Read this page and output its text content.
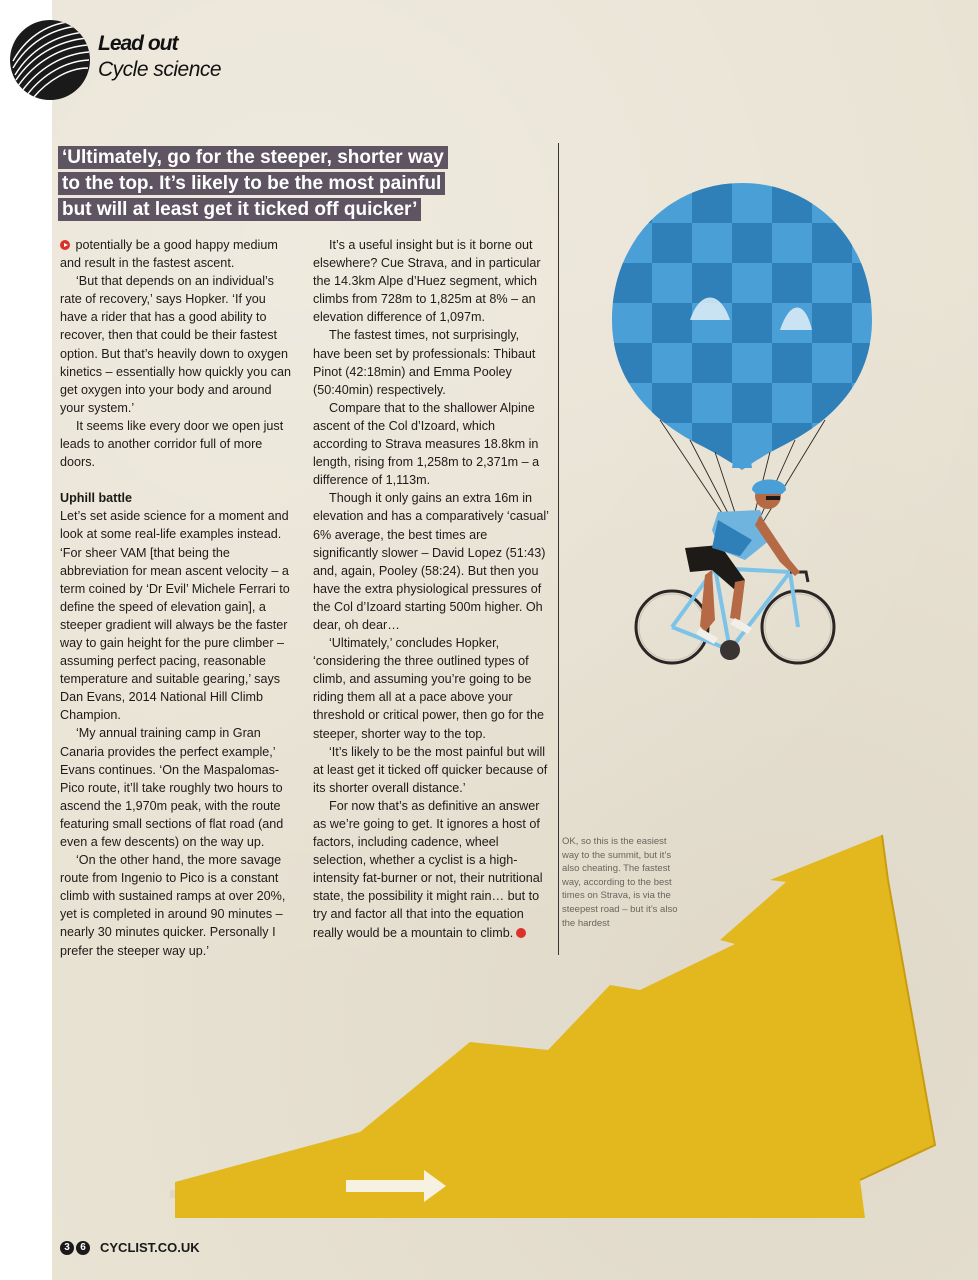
Lead out
Cycle science
‘Ultimately, go for the steeper, shorter way
to the top. It’s likely to be the most painful
but will at least get it ticked off quicker’

potentially be a good happy medium and result in the fastest ascent.

‘But that depends on an individual’s rate of recovery,’ says Hopker. ‘If you have a rider that has a good ability to recover, then that could be their fastest option. But that’s heavily down to oxygen kinetics – essentially how quickly you can get oxygen into your body and around your system.’

It seems like every door we open just leads to another corridor full of more doors.

Uphill battle

Let’s set aside science for a moment and look at some real-life examples instead. ‘For sheer VAM [that being the abbreviation for mean ascent velocity – a term coined by ‘Dr Evil’ Michele Ferrari to define the speed of elevation gain], a steeper gradient will always be the faster way to gain height for the pure climber – assuming perfect pacing, reasonable temperature and suitable gearing,’ says Dan Evans, 2014 National Hill Climb Champion.

‘My annual training camp in Gran Canaria provides the perfect example,’ Evans continues. ‘On the Maspalomas-Pico route, it’ll take roughly two hours to ascend the 1,970m peak, with the route featuring small sections of flat road (and even a few descents) on the way up.

‘On the other hand, the more savage route from Ingenio to Pico is a constant climb with sustained ramps at over 20%, yet is completed in around 90 minutes – nearly 30 minutes quicker. Personally I prefer the steeper way up.’

It’s a useful insight but is it borne out elsewhere? Cue Strava, and in particular the 14.3km Alpe d’Huez segment, which climbs from 728m to 1,825m at 8% – an elevation difference of 1,097m.

The fastest times, not surprisingly, have been set by professionals: Thibaut Pinot (42:18min) and Emma Pooley (50:40min) respectively.

Compare that to the shallower Alpine ascent of the Col d’Izoard, which according to Strava measures 18.8km in length, rising from 1,258m to 2,371m – a difference of 1,113m.

Though it only gains an extra 16m in elevation and has a comparatively ‘casual’ 6% average, the best times are significantly slower – David Lopez (51:43) and, again, Pooley (58:24). But then you have the extra physiological pressures of the Col d’Izoard starting 500m higher. Oh dear, oh dear…

‘Ultimately,’ concludes Hopker, ‘considering the three outlined types of climb, and assuming you’re going to be riding them all at a pace above your threshold or critical power, then go for the steeper, shorter way to the top.

‘It’s likely to be the most painful but will at least get it ticked off quicker because of its shorter overall distance.’

For now that’s as definitive an answer as we’re going to get. It ignores a host of factors, including cadence, wheel selection, whether a cyclist is a high-intensity fat-burner or not, their nutritional state, the possibility it might rain… but to try and factor all that into the equation really would be a mountain to climb.

OK, so this is the easiest way to the summit, but it’s also cheating. The fastest way, according to the best times on Strava, is via the steepest road – but it’s also the hardest
3	6	CYCLIST.CO.UK
